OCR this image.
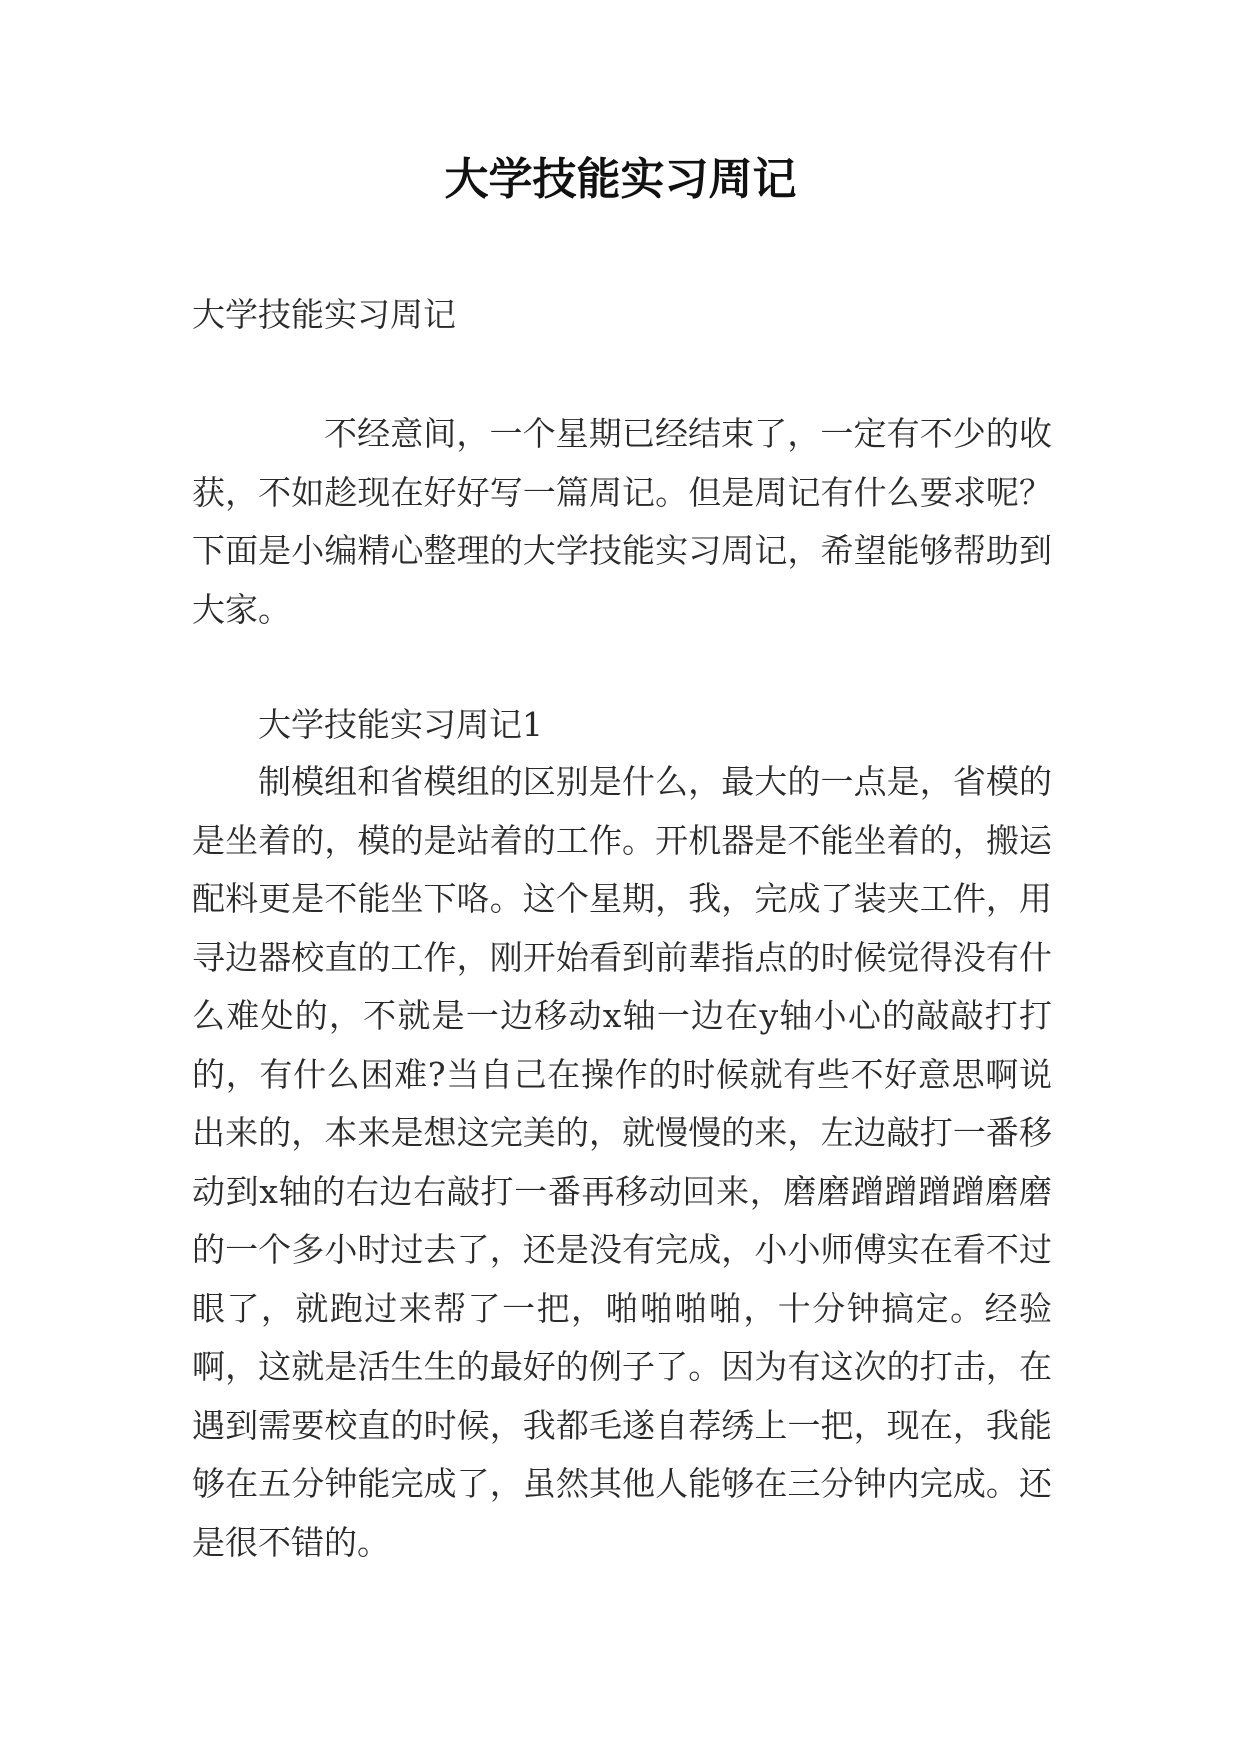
大学技能实习周记

大学技能实习周记

不经意间，一个星期已经结束了，一定有不少的收获，不如趁现在好好写一篇周记。但是周记有什么要求呢？下面是小编精心整理的大学技能实习周记，希望能够帮助到大家。

大学技能实习周记1

制模组和省模组的区别是什么，最大的一点是，省模的是坐着的，模的是站着的工作。开机器是不能坐着的，搬运配料更是不能坐下咯。这个星期，我，完成了装夹工件，用寻边器校直的工作，刚开始看到前辈指点的时候觉得没有什么难处的，不就是一边移动x轴一边在y轴小心的敲敲打打的，有什么困难?当自己在操作的时候就有些不好意思啊说出来的，本来是想这完美的，就慢慢的来，左边敲打一番移动到x轴的右边右敲打一番再移动回来，磨磨蹭蹭蹭蹭磨磨的一个多小时过去了，还是没有完成，小小师傅实在看不过眼了，就跑过来帮了一把，啪啪啪啪，十分钟搞定。经验啊，这就是活生生的最好的例子了。因为有这次的打击，在遇到需要校直的时候，我都毛遂自荐绣上一把，现在，我能够在五分钟能完成了，虽然其他人能够在三分钟内完成。还是很不错的。
